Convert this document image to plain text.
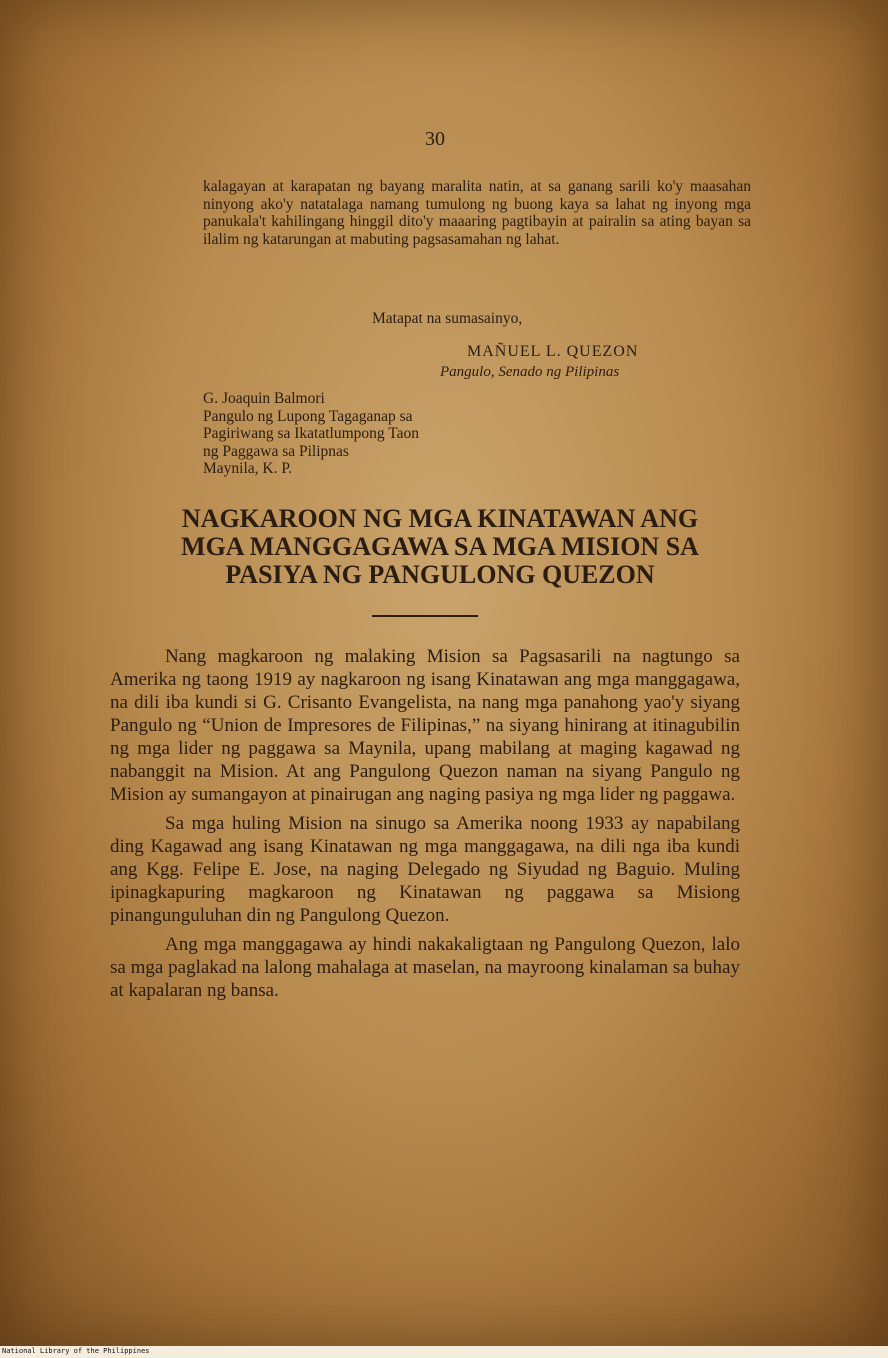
30

kalagayan at karapatan ng bayang maralita natin, at sa ganang sarili ko'y maasahan ninyong ako'y natatalaga namang tumulong ng buong kaya sa lahat ng inyong mga panukala't kahilingang hinggil dito'y maaaring pagtibayin at pairalin sa ating bayan sa ilalim ng katarungan at mabuting pagsasamahan ng lahat.

Matapat na sumasainyo,
MAÑUEL L. QUEZON
Pangulo, Senado ng Pilipinas
G. Joaquin Balmori
Pangulo ng Lupong Tagaganap sa
Pagiriwang sa Ikatatlumpong Taon
ng Paggawa sa Pilipnas
Maynila, K. P.
NAGKAROON NG MGA KINATAWAN ANG
MGA MANGGAGAWA SA MGA MISION SA
PASIYA NG PANGULONG QUEZON

Nang magkaroon ng malaking Mision sa Pagsasarili na nagtungo sa Amerika ng taong 1919 ay nagkaroon ng isang Kinatawan ang mga manggagawa, na dili iba kundi si G. Crisanto Evangelista, na nang mga panahong yao'y siyang Pangulo ng “Union de Impresores de Filipinas,” na siyang hinirang at itinagubilin ng mga lider ng paggawa sa Maynila, upang mabilang at maging kagawad ng nabanggit na Mision. At ang Pangulong Quezon naman na siyang Pangulo ng Mision ay sumangayon at pinairugan ang naging pasiya ng mga lider ng paggawa.

Sa mga huling Mision na sinugo sa Amerika noong 1933 ay napabilang ding Kagawad ang isang Kinatawan ng mga manggagawa, na dili nga iba kundi ang Kgg. Felipe E. Jose, na naging Delegado ng Siyudad ng Baguio. Muling ipinagkapuring magkaroon ng Kinatawan ng paggawa sa Misiong pinangunguluhan din ng Pangulong Quezon.

Ang mga manggagawa ay hindi nakakaligtaan ng Pangulong Quezon, lalo sa mga paglakad na lalong mahalaga at maselan, na mayroong kinalaman sa buhay at kapalaran ng bansa.

National Library of the Philippines
